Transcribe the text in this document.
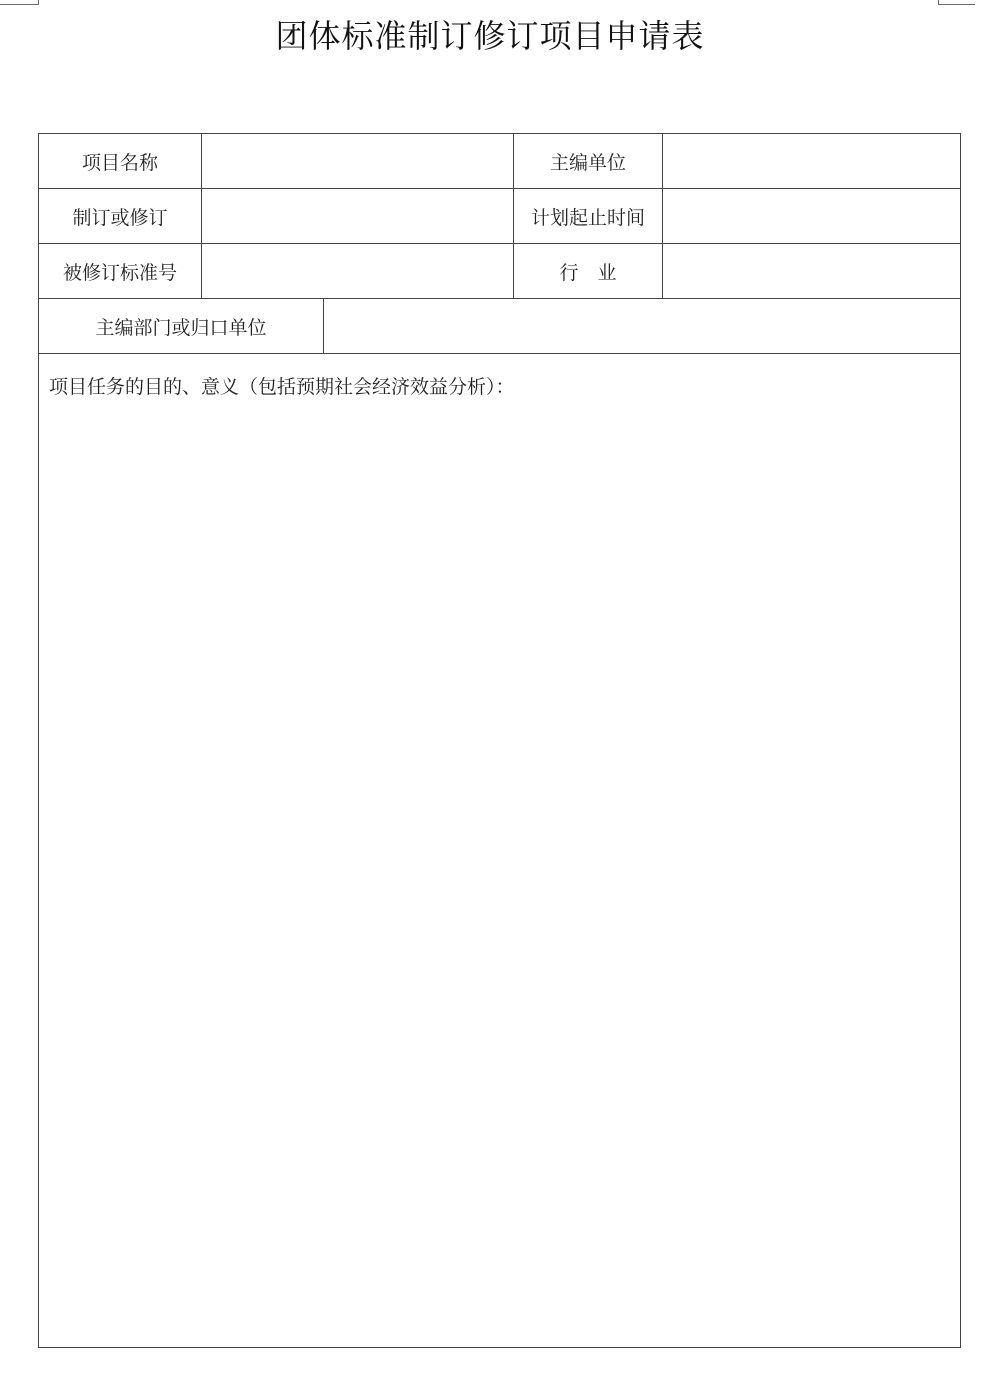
团体标准制订修订项目申请表
项目名称	主编单位
制订或修订	计划起止时间
被修订标准号	行　业
主编部门或归口单位
项目任务的目的、意义（包括预期社会经济效益分析）：
